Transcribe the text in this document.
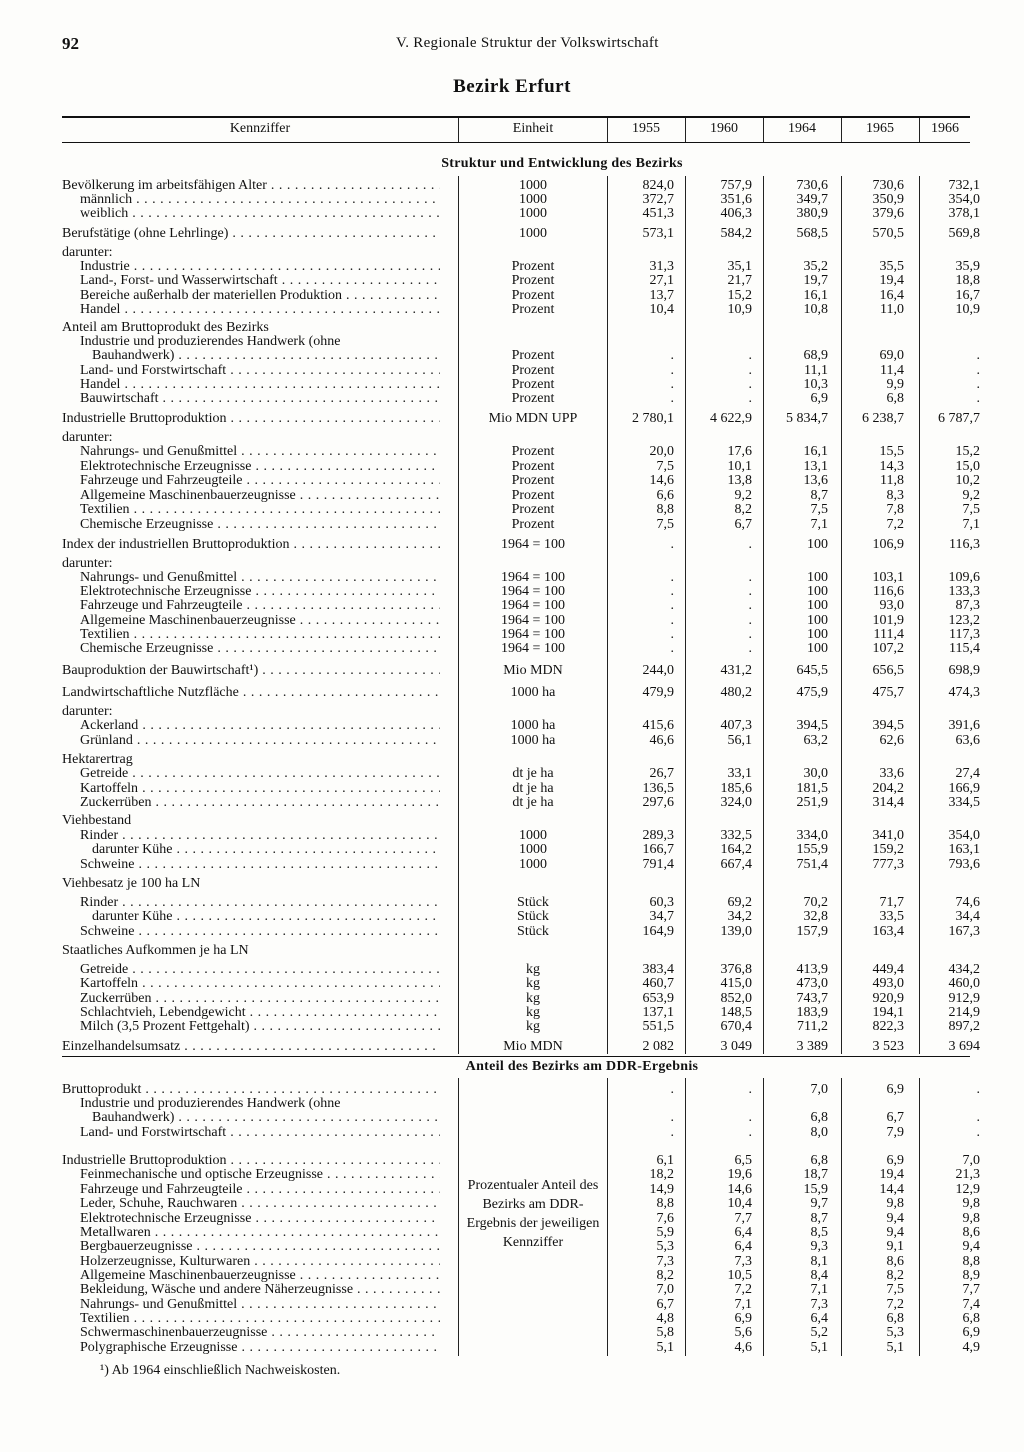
92	V. Regionale Struktur der Volkswirtschaft
Bezirk Erfurt
Kennziffer	Einheit	1955	1960	1964	1965	1966
Struktur und Entwicklung des Bezirks
Anteil des Bezirks am DDR-Ergebnis
Prozentualer Anteil des Bezirks am DDR-Ergebnis der jeweiligen Kennziffer
Bevölkerung im arbeitsfähigen Alter . . .	1000	824,0	757,9	730,6	730,6	732,1
männlich . . .	1000	372,7	351,6	349,7	350,9	354,0
weiblich . . .	1000	451,3	406,3	380,9	379,6	378,1
Berufstätige (ohne Lehrlinge) . . .	1000	573,1	584,2	568,5	570,5	569,8
darunter:
Industrie . . .	Prozent	31,3	35,1	35,2	35,5	35,9
Land-, Forst- und Wasserwirtschaft . . .	Prozent	27,1	21,7	19,7	19,4	18,8
Bereiche außerhalb der materiellen Produktion . . .	Prozent	13,7	15,2	16,1	16,4	16,7
Handel . . .	Prozent	10,4	10,9	10,8	11,0	10,9
Anteil am Bruttoprodukt des Bezirks
Industrie und produzierendes Handwerk (ohne
Bauhandwerk) . . .	Prozent	.	.	68,9	69,0	.
Land- und Forstwirtschaft . . .	Prozent	.	.	11,1	11,4	.
Handel . . .	Prozent	.	.	10,3	9,9	.
Bauwirtschaft . . .	Prozent	.	.	6,9	6,8	.
Industrielle Bruttoproduktion . . .	Mio MDN UPP	2 780,1	4 622,9	5 834,7	6 238,7	6 787,7
darunter:
Nahrungs- und Genußmittel . . .	Prozent	20,0	17,6	16,1	15,5	15,2
Elektrotechnische Erzeugnisse . . .	Prozent	7,5	10,1	13,1	14,3	15,0
Fahrzeuge und Fahrzeugteile . . .	Prozent	14,6	13,8	13,6	11,8	10,2
Allgemeine Maschinenbauerzeugnisse . . .	Prozent	6,6	9,2	8,7	8,3	9,2
Textilien . . .	Prozent	8,8	8,2	7,5	7,8	7,5
Chemische Erzeugnisse . . .	Prozent	7,5	6,7	7,1	7,2	7,1
Index der industriellen Bruttoproduktion . . .	1964 = 100	.	.	100	106,9	116,3
darunter:
Nahrungs- und Genußmittel . . .	1964 = 100	.	.	100	103,1	109,6
Elektrotechnische Erzeugnisse . . .	1964 = 100	.	.	100	116,6	133,3
Fahrzeuge und Fahrzeugteile . . .	1964 = 100	.	.	100	93,0	87,3
Allgemeine Maschinenbauerzeugnisse . . .	1964 = 100	.	.	100	101,9	123,2
Textilien . . .	1964 = 100	.	.	100	111,4	117,3
Chemische Erzeugnisse . . .	1964 = 100	.	.	100	107,2	115,4
Bauproduktion der Bauwirtschaft¹) . . .	Mio MDN	244,0	431,2	645,5	656,5	698,9
Landwirtschaftliche Nutzfläche . . .	1000 ha	479,9	480,2	475,9	475,7	474,3
darunter:
Ackerland . . .	1000 ha	415,6	407,3	394,5	394,5	391,6
Grünland . . .	1000 ha	46,6	56,1	63,2	62,6	63,6
Hektarertrag
Getreide . . .	dt je ha	26,7	33,1	30,0	33,6	27,4
Kartoffeln . . .	dt je ha	136,5	185,6	181,5	204,2	166,9
Zuckerrüben . . .	dt je ha	297,6	324,0	251,9	314,4	334,5
Viehbestand
Rinder . . .	1000	289,3	332,5	334,0	341,0	354,0
darunter Kühe . . .	1000	166,7	164,2	155,9	159,2	163,1
Schweine . . .	1000	791,4	667,4	751,4	777,3	793,6
Viehbesatz je 100 ha LN
Rinder . . .	Stück	60,3	69,2	70,2	71,7	74,6
darunter Kühe . . .	Stück	34,7	34,2	32,8	33,5	34,4
Schweine . . .	Stück	164,9	139,0	157,9	163,4	167,3
Staatliches Aufkommen je ha LN
Getreide . . .	kg	383,4	376,8	413,9	449,4	434,2
Kartoffeln . . .	kg	460,7	415,0	473,0	493,0	460,0
Zuckerrüben . . .	kg	653,9	852,0	743,7	920,9	912,9
Schlachtvieh, Lebendgewicht . . .	kg	137,1	148,5	183,9	194,1	214,9
Milch (3,5 Prozent Fettgehalt) . . .	kg	551,5	670,4	711,2	822,3	897,2
Einzelhandelsumsatz . . .	Mio MDN	2 082	3 049	3 389	3 523	3 694
Bruttoprodukt . . .	.	.	7,0	6,9	.
Industrie und produzierendes Handwerk (ohne
Bauhandwerk) . . .	.	.	6,8	6,7	.
Land- und Forstwirtschaft . . .	.	.	8,0	7,9	.
Industrielle Bruttoproduktion . . .	6,1	6,5	6,8	6,9	7,0
Feinmechanische und optische Erzeugnisse . . .	18,2	19,6	18,7	19,4	21,3
Fahrzeuge und Fahrzeugteile . . .	14,9	14,6	15,9	14,4	12,9
Leder, Schuhe, Rauchwaren . . .	8,8	10,4	9,7	9,8	9,8
Elektrotechnische Erzeugnisse . . .	7,6	7,7	8,7	9,4	9,8
Metallwaren . . .	5,9	6,4	8,5	9,4	8,6
Bergbauerzeugnisse . . .	5,3	6,4	9,3	9,1	9,4
Holzerzeugnisse, Kulturwaren . . .	7,3	7,3	8,1	8,6	8,8
Allgemeine Maschinenbauerzeugnisse . . .	8,2	10,5	8,4	8,2	8,9
Bekleidung, Wäsche und andere Näherzeugnisse . . .	7,0	7,2	7,1	7,5	7,7
Nahrungs- und Genußmittel . . .	6,7	7,1	7,3	7,2	7,4
Textilien . . .	4,8	6,9	6,4	6,8	6,8
Schwermaschinenbauerzeugnisse . . .	5,8	5,6	5,2	5,3	6,9
Polygraphische Erzeugnisse . . .	5,1	4,6	5,1	5,1	4,9
¹) Ab 1964 einschließlich Nachweiskosten.
